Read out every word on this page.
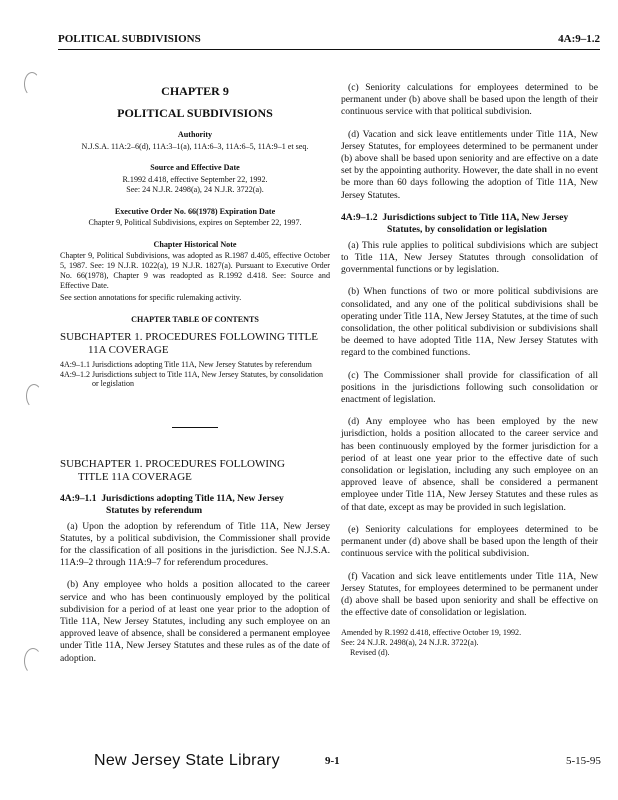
POLITICAL SUBDIVISIONS	4A:9–1.2
CHAPTER 9
POLITICAL SUBDIVISIONS
Authority
N.J.S.A. 11A:2–6(d), 11A:3–1(a), 11A:6–3, 11A:6–5, 11A:9–1 et seq.
Source and Effective Date
R.1992 d.418, effective September 22, 1992.
See: 24 N.J.R. 2498(a), 24 N.J.R. 3722(a).
Executive Order No. 66(1978) Expiration Date
Chapter 9, Political Subdivisions, expires on September 22, 1997.
Chapter Historical Note
Chapter 9, Political Subdivisions, was adopted as R.1987 d.405, effective October 5, 1987. See: 19 N.J.R. 1022(a), 19 N.J.R. 1827(a). Pursuant to Executive Order No. 66(1978), Chapter 9 was readopted as R.1992 d.418. See: Source and Effective Date.
See section annotations for specific rulemaking activity.
CHAPTER TABLE OF CONTENTS
SUBCHAPTER 1. PROCEDURES FOLLOWING TITLE
11A COVERAGE
4A:9–1.1 Jurisdictions adopting Title 11A, New Jersey Statutes by referendum
4A:9–1.2 Jurisdictions subject to Title 11A, New Jersey Statutes, by consolidation or legislation
SUBCHAPTER 1. PROCEDURES FOLLOWING
TITLE 11A COVERAGE
4A:9–1.1 Jurisdictions adopting Title 11A, New Jersey
Statutes by referendum

(a) Upon the adoption by referendum of Title 11A, New Jersey Statutes, by a political subdivision, the Commissioner shall provide for the classification of all positions in the jurisdiction. See N.J.S.A. 11A:9–2 through 11A:9–7 for referendum procedures.

(b) Any employee who holds a position allocated to the career service and who has been continuously employed by the political subdivision for a period of at least one year prior to the adoption of Title 11A, New Jersey Statutes, including any such employee on an approved leave of absence, shall be considered a permanent employee under Title 11A, New Jersey Statutes and these rules as of the date of adoption.

(c) Seniority calculations for employees determined to be permanent under (b) above shall be based upon the length of their continuous service with that political subdivision.

(d) Vacation and sick leave entitlements under Title 11A, New Jersey Statutes, for employees determined to be permanent under (b) above shall be based upon seniority and are effective on a date set by the appointing authority. However, the date shall in no event be more than 60 days following the adoption of Title 11A, New Jersey Statutes.

4A:9–1.2 Jurisdictions subject to Title 11A, New Jersey
Statutes, by consolidation or legislation

(a) This rule applies to political subdivisions which are subject to Title 11A, New Jersey Statutes through consolidation of governmental functions or by legislation.

(b) When functions of two or more political subdivisions are consolidated, and any one of the political subdivisions shall be operating under Title 11A, New Jersey Statutes, at the time of such consolidation, the other political subdivision or subdivisions shall be deemed to have adopted Title 11A, New Jersey Statutes with regard to the combined functions.

(c) The Commissioner shall provide for classification of all positions in the jurisdictions following such consolidation or enactment of legislation.

(d) Any employee who has been employed by the new jurisdiction, holds a position allocated to the career service and has been continuously employed by the former jurisdiction for a period of at least one year prior to the effective date of such consolidation or legislation, including any such employee on an approved leave of absence, shall be considered a permanent employee under Title 11A, New Jersey Statutes and these rules as of that date, except as may be provided in such legislation.

(e) Seniority calculations for employees determined to be permanent under (d) above shall be based upon the length of their continuous service with the political subdivision.

(f) Vacation and sick leave entitlements under Title 11A, New Jersey Statutes, for employees determined to be permanent under (d) above shall be based upon seniority and shall be effective on the effective date of consolidation or legislation.

Amended by R.1992 d.418, effective October 19, 1992.
See: 24 N.J.R. 2498(a), 24 N.J.R. 3722(a).
Revised (d).
New Jersey State Library	9-1	5-15-95
